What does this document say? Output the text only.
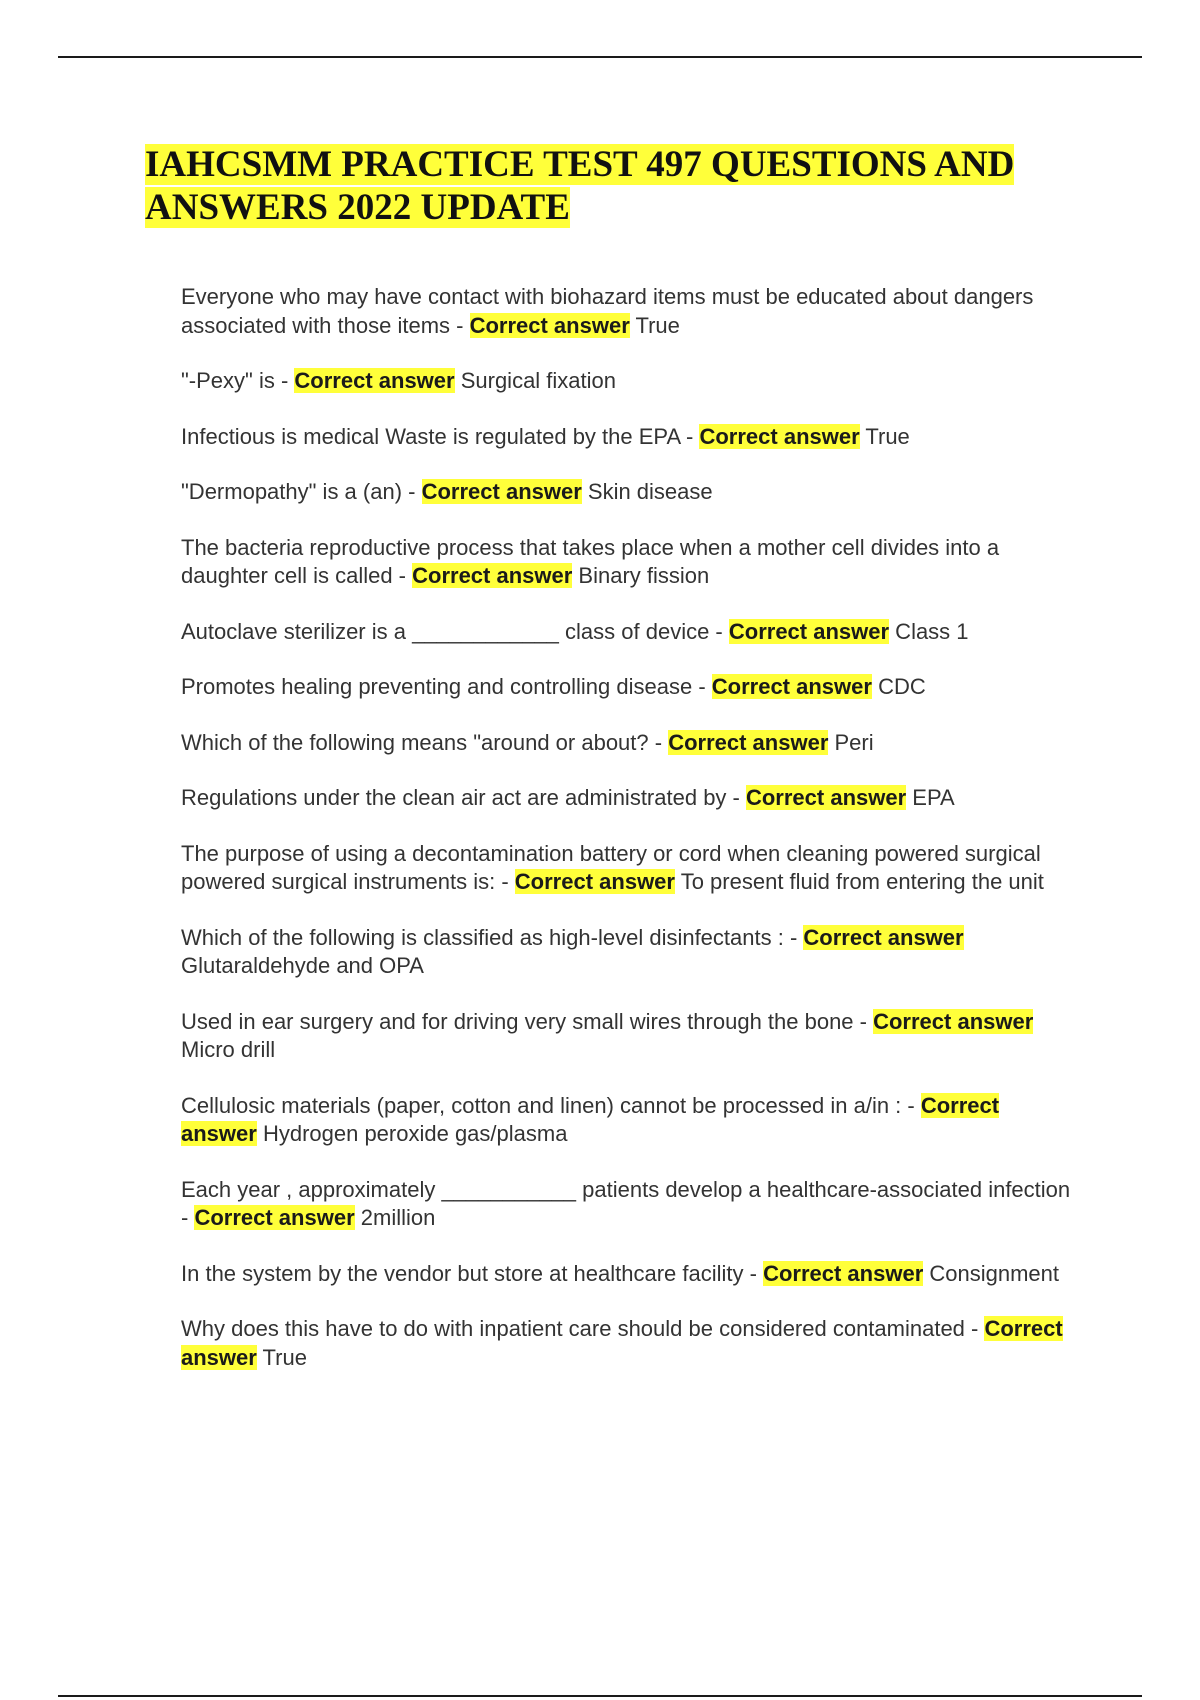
IAHCSMM PRACTICE TEST 497 QUESTIONS AND ANSWERS 2022 UPDATE
Everyone who may have contact with biohazard items must be educated about dangers associated with those items - Correct answer True
"-Pexy" is - Correct answer Surgical fixation
Infectious is medical Waste is regulated by the EPA - Correct answer True
"Dermopathy" is a (an) - Correct answer Skin disease
The bacteria reproductive process that takes place when a mother cell divides into a daughter cell is called - Correct answer Binary fission
Autoclave sterilizer is a ____________ class of device - Correct answer Class 1
Promotes healing preventing and controlling disease - Correct answer CDC
Which of the following means "around or about? - Correct answer Peri
Regulations under the clean air act are administrated by - Correct answer EPA
The purpose of using a decontamination battery or cord when cleaning powered surgical powered surgical instruments is: - Correct answer To present fluid from entering the unit
Which of the following is classified as high-level disinfectants : - Correct answer Glutaraldehyde and OPA
Used in ear surgery and for driving very small wires through the bone - Correct answer Micro drill
Cellulosic materials (paper, cotton and linen) cannot be processed in a/in : - Correct answer Hydrogen peroxide gas/plasma
Each year , approximately ___________ patients develop a healthcare-associated infection - Correct answer 2million
In the system by the vendor but store at healthcare facility - Correct answer Consignment
Why does this have to do with inpatient care should be considered contaminated - Correct answer True
